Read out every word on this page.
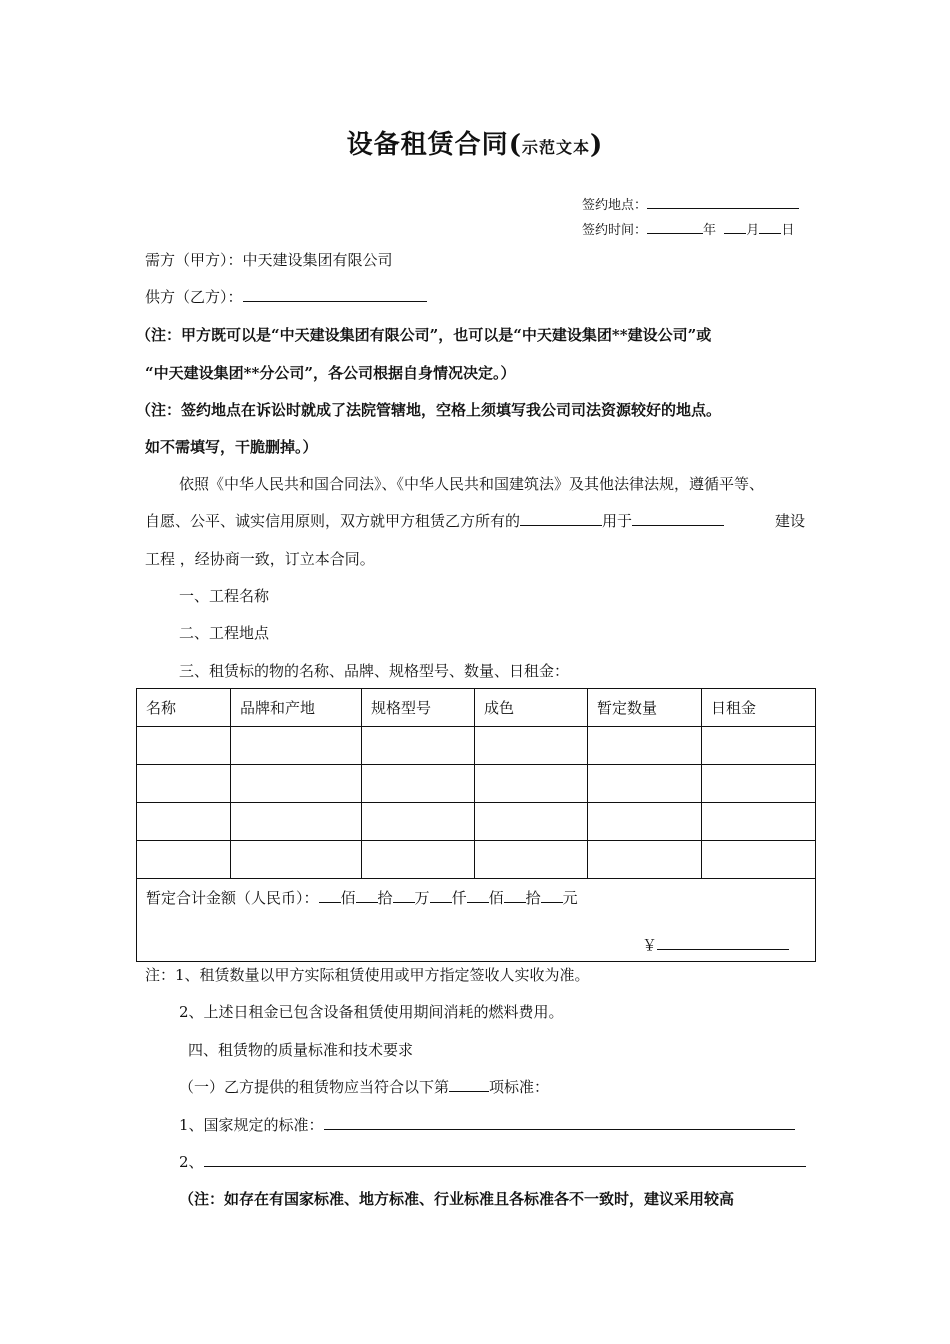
设备租赁合同(示范文本)
签约地点：
签约时间：	年 月 日
需方（甲方）：中天建设集团有限公司
供方（乙方）：
（注：甲方既可以是“中天建设集团有限公司”，也可以是“中天建设集团**建设公司”或
“中天建设集团**分公司”，各公司根据自身情况决定。）
（注：签约地点在诉讼时就成了法院管辖地，空格上须填写我公司司法资源较好的地点。
如不需填写，干脆删掉。）
依照《中华人民共和国合同法》、《中华人民共和国建筑法》及其他法律法规，遵循平等、
自愿、公平、诚实信用原则，双方就甲方租赁乙方所有的	用于	建设
工程 ，经协商一致，订立本合同。
一、工程名称
二、工程地点
三、租赁标的物的名称、品牌、规格型号、数量、日租金：
名称	品牌和产地	规格型号	成色	暂定数量	日租金

暂定合计金额（人民币）： 佰 拾 万 仟 佰 拾 元
￥					
注：1、租赁数量以甲方实际租赁使用或甲方指定签收人实收为准。
2、上述日租金已包含设备租赁使用期间消耗的燃料费用。
四、租赁物的质量标准和技术要求
（一）乙方提供的租赁物应当符合以下第	项标准：
1、国家规定的标准：
2、
（注：如存在有国家标准、地方标准、行业标准且各标准各不一致时，建议采用较高
